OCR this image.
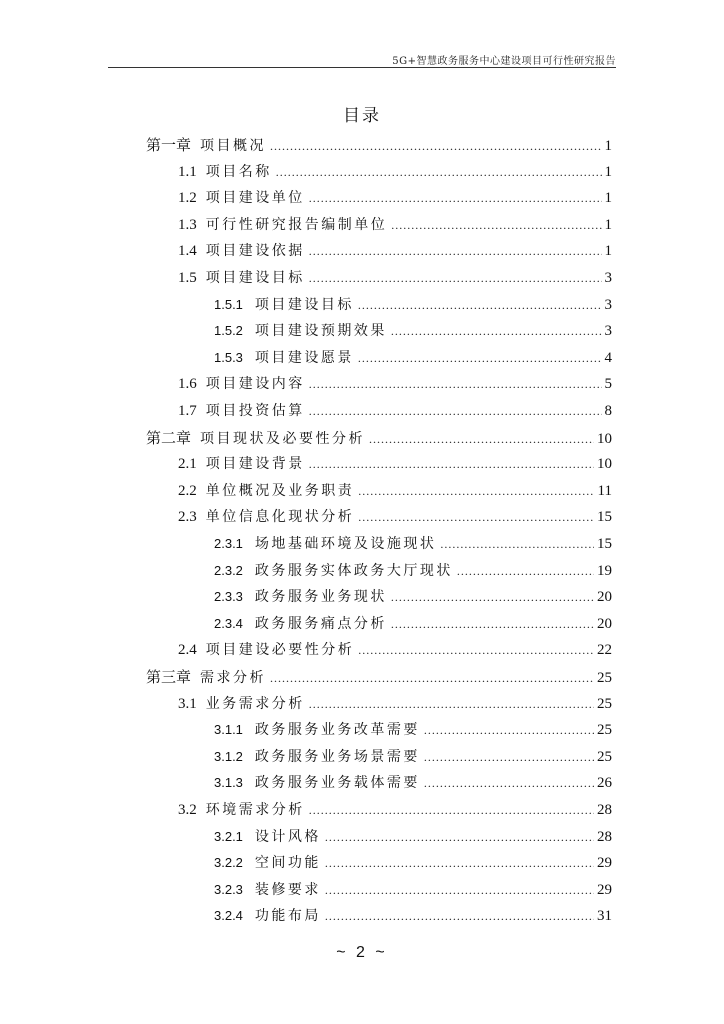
5G+智慧政务服务中心建设项目可行性研究报告
目录
第一章 项目概况 .....	1
1.1 项目名称 .....	1
1.2 项目建设单位 .....	1
1.3 可行性研究报告编制单位 .....	1
1.4 项目建设依据 .....	1
1.5 项目建设目标 .....	3
1.5.1 项目建设目标 .....	3
1.5.2 项目建设预期效果 .....	3
1.5.3 项目建设愿景 .....	4
1.6 项目建设内容 .....	5
1.7 项目投资估算 .....	8
第二章 项目现状及必要性分析 .....	10
2.1 项目建设背景 .....	10
2.2 单位概况及业务职责 .....	11
2.3 单位信息化现状分析 .....	15
2.3.1 场地基础环境及设施现状 .....	15
2.3.2 政务服务实体政务大厅现状 .....	19
2.3.3 政务服务业务现状 .....	20
2.3.4 政务服务痛点分析 .....	20
2.4 项目建设必要性分析 .....	22
第三章 需求分析 .....	25
3.1 业务需求分析 .....	25
3.1.1 政务服务业务改革需要 .....	25
3.1.2 政务服务业务场景需要 .....	25
3.1.3 政务服务业务载体需要 .....	26
3.2 环境需求分析 .....	28
3.2.1 设计风格 .....	28
3.2.2 空间功能 .....	29
3.2.3 装修要求 .....	29
3.2.4 功能布局 .....	31
~ 2 ~
